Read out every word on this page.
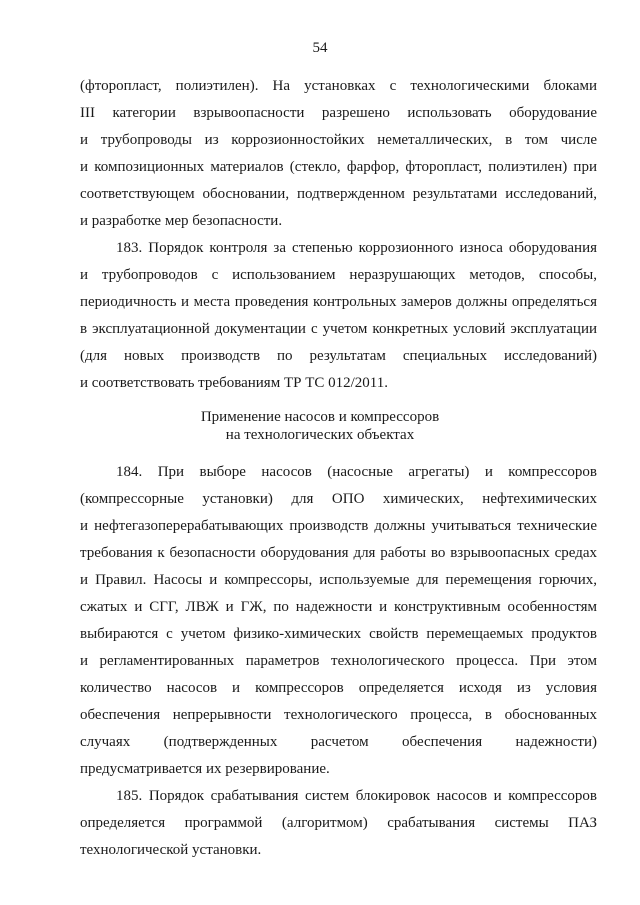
54
(фторопласт, полиэтилен). На установках с технологическими блоками
III категории взрывоопасности разрешено использовать оборудование
и трубопроводы из коррозионностойких неметаллических, в том числе
и композиционных материалов (стекло, фарфор, фторопласт, полиэтилен) при
соответствующем обосновании, подтвержденном результатами исследований,
и разработке мер безопасности.
183. Порядок контроля за степенью коррозионного износа оборудования
и трубопроводов с использованием неразрушающих методов, способы,
периодичность и места проведения контрольных замеров должны определяться
в эксплуатационной документации с учетом конкретных условий эксплуатации
(для новых производств по результатам специальных исследований)
и соответствовать требованиям ТР ТС 012/2011.
Применение насосов и компрессоров
на технологических объектах
184. При выборе насосов (насосные агрегаты) и компрессоров
(компрессорные установки) для ОПО химических, нефтехимических
и нефтегазоперерабатывающих производств должны учитываться технические
требования к безопасности оборудования для работы во взрывоопасных средах
и Правил. Насосы и компрессоры, используемые для перемещения горючих,
сжатых и СГГ, ЛВЖ и ГЖ, по надежности и конструктивным особенностям
выбираются с учетом физико-химических свойств перемещаемых продуктов
и регламентированных параметров технологического процесса. При этом
количество насосов и компрессоров определяется исходя из условия
обеспечения непрерывности технологического процесса, в обоснованных
случаях (подтвержденных расчетом обеспечения надежности)
предусматривается их резервирование.
185. Порядок срабатывания систем блокировок насосов и компрессоров
определяется программой (алгоритмом) срабатывания системы ПАЗ
технологической установки.
